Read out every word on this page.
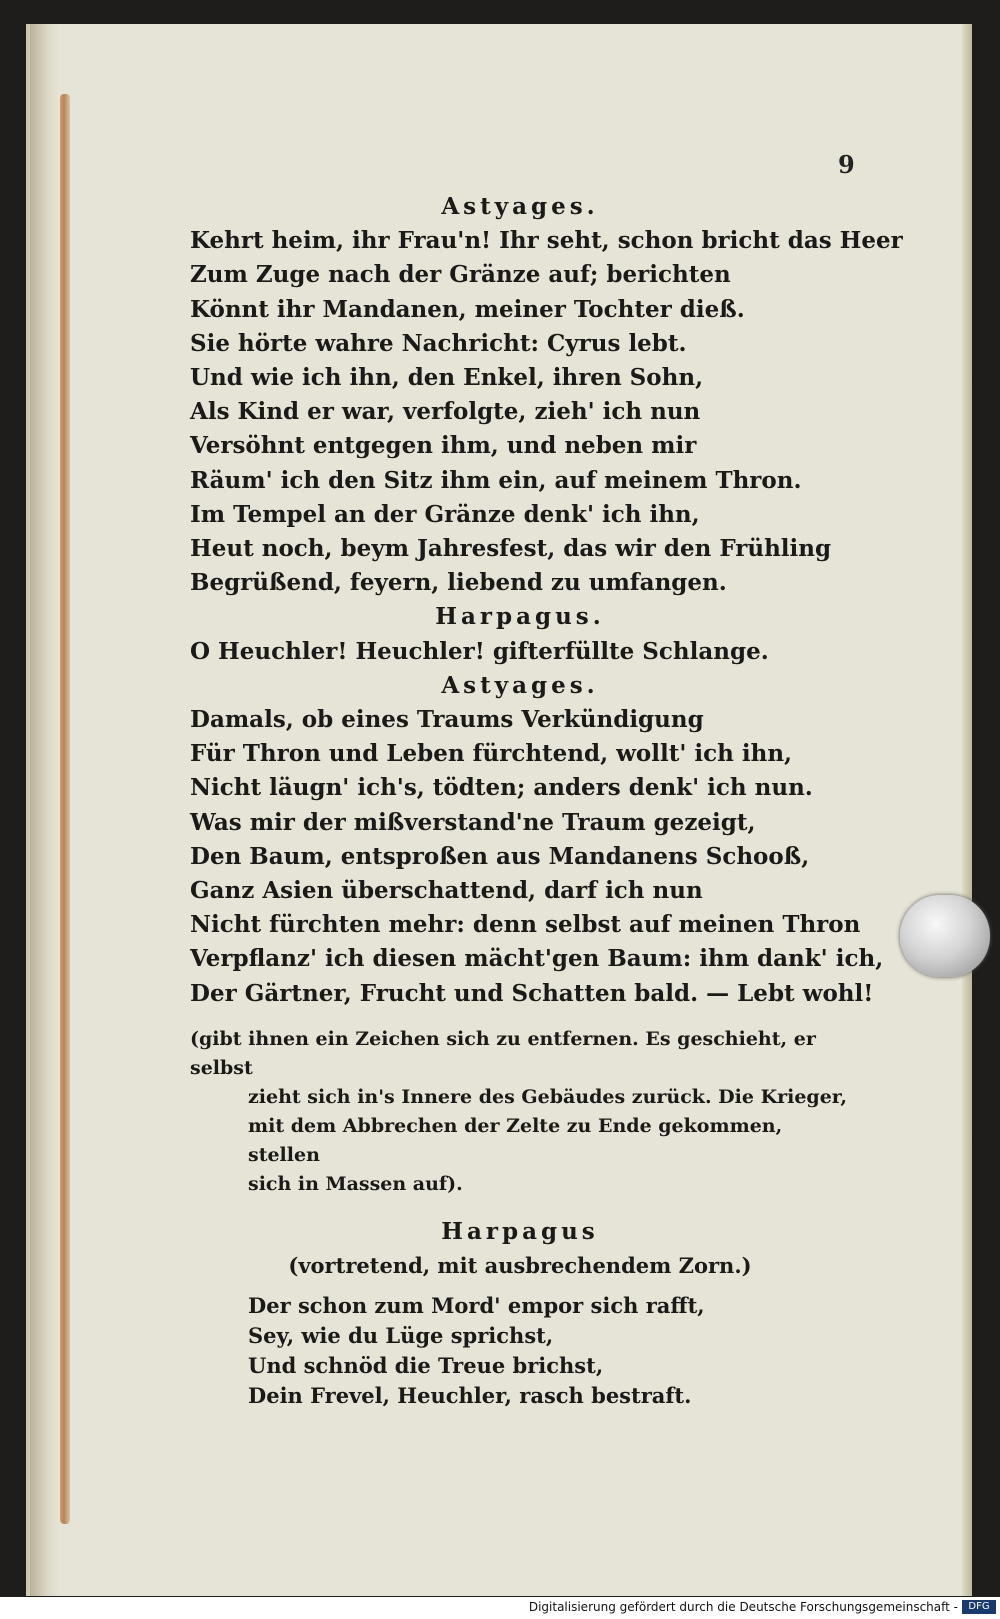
9
Astyages.
Kehrt heim, ihr Frau'n! Ihr seht, schon bricht das Heer
Zum Zuge nach der Gränze auf; berichten
Könnt ihr Mandanen, meiner Tochter dieß.
Sie hörte wahre Nachricht: Cyrus lebt.
Und wie ich ihn, den Enkel, ihren Sohn,
Als Kind er war, verfolgte, zieh' ich nun
Versöhnt entgegen ihm, und neben mir
Räum' ich den Sitz ihm ein, auf meinem Thron.
Im Tempel an der Gränze denk' ich ihn,
Heut noch, beym Jahresfest, das wir den Frühling
Begrüßend, feyern, liebend zu umfangen.
Harpagus.
O Heuchler! Heuchler! gifterfüllte Schlange.
Astyages.
Damals, ob eines Traums Verkündigung
Für Thron und Leben fürchtend, wollt' ich ihn,
Nicht läugn' ich's, tödten; anders denk' ich nun.
Was mir der mißverstand'ne Traum gezeigt,
Den Baum, entsproßen aus Mandanens Schooß,
Ganz Asien überschattend, darf ich nun
Nicht fürchten mehr: denn selbst auf meinen Thron
Verpflanz' ich diesen mächt'gen Baum: ihm dank' ich,
Der Gärtner, Frucht und Schatten bald. — Lebt wohl!
(gibt ihnen ein Zeichen sich zu entfernen. Es geschieht, er selbst
zieht sich in's Innere des Gebäudes zurück. Die Krieger,
mit dem Abbrechen der Zelte zu Ende gekommen, stellen
sich in Massen auf).
Harpagus
(vortretend, mit ausbrechendem Zorn.)
Der schon zum Mord' empor sich rafft,
Sey, wie du Lüge sprichst,
Und schnöd die Treue brichst,
Dein Frevel, Heuchler, rasch bestraft.
Digitalisierung gefördert durch die Deutsche Forschungsgemeinschaft -	DFG
